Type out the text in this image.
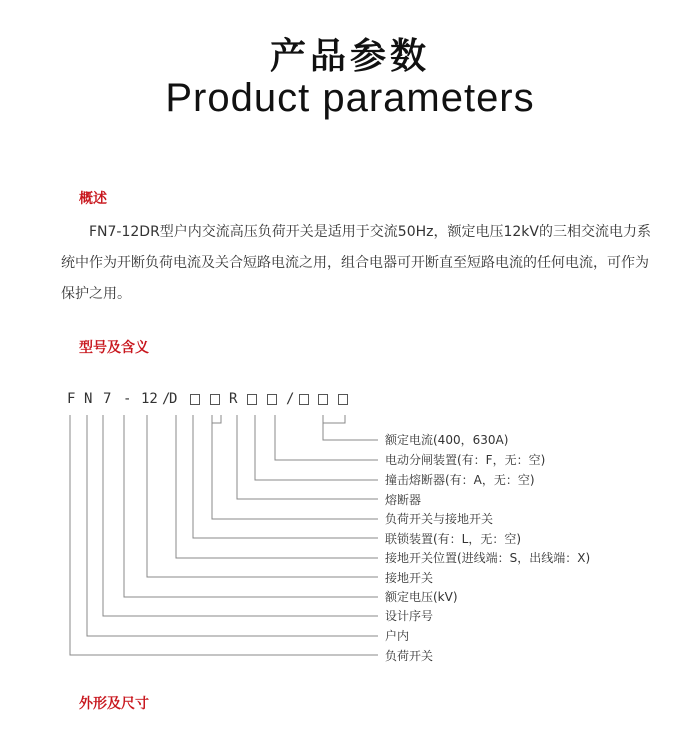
产品参数
Product parameters
概述

FN7-12DR型户内交流高压负荷开关是适用于交流50Hz，额定电压12kV的三相交流电力系统中作为开断负荷电流及关合短路电流之用，组合电器可开断直至短路电流的任何电流，可作为保护之用。

型号及含义
F N 7 - 12 /
D	R	/
额定电流(400，630A)
电动分闸装置(有：F，无：空)
撞击熔断器(有：A，无：空)
熔断器
负荷开关与接地开关
联锁装置(有：L，无：空)
接地开关位置(进线端：S，出线端：X)
接地开关
额定电压(kV)
设计序号
户内
负荷开关
外形及尺寸
